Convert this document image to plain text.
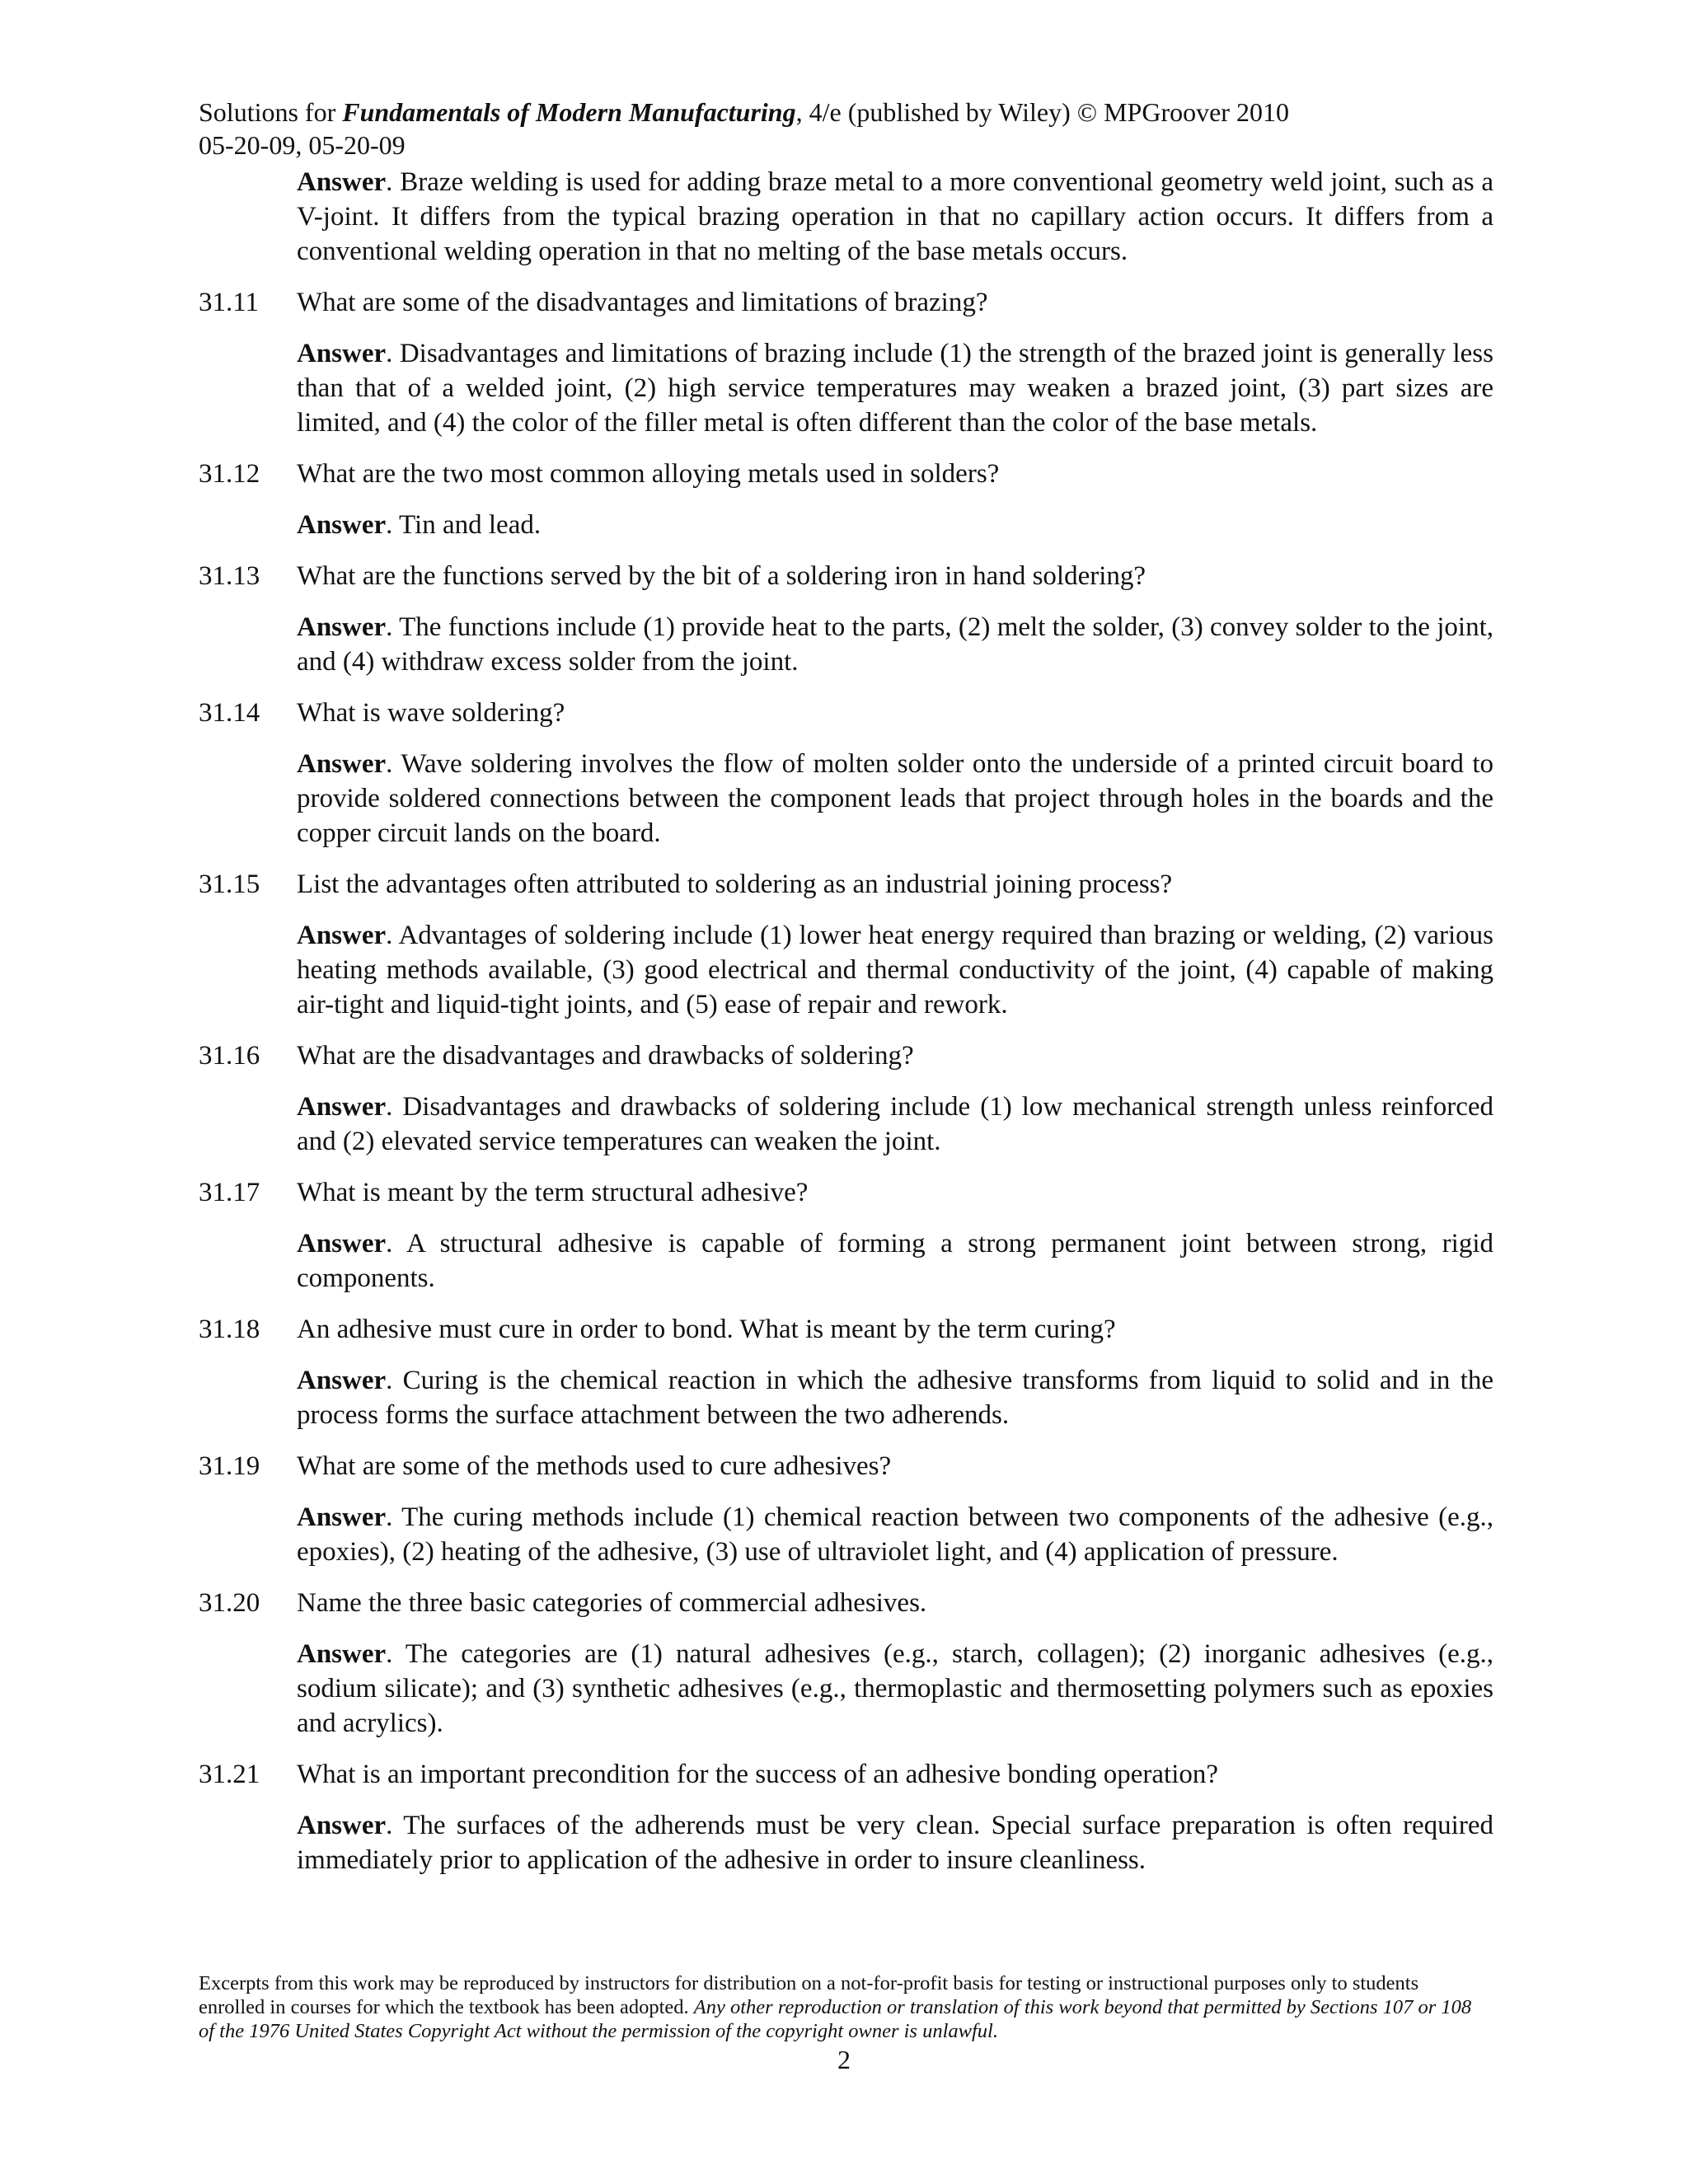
Solutions for Fundamentals of Modern Manufacturing, 4/e (published by Wiley) © MPGroover 2010
05-20-09, 05-20-09
Answer. Braze welding is used for adding braze metal to a more conventional geometry weld joint, such as a V-joint. It differs from the typical brazing operation in that no capillary action occurs. It differs from a conventional welding operation in that no melting of the base metals occurs.
31.11	What are some of the disadvantages and limitations of brazing?
Answer. Disadvantages and limitations of brazing include (1) the strength of the brazed joint is generally less than that of a welded joint, (2) high service temperatures may weaken a brazed joint, (3) part sizes are limited, and (4) the color of the filler metal is often different than the color of the base metals.
31.12	What are the two most common alloying metals used in solders?
Answer. Tin and lead.
31.13	What are the functions served by the bit of a soldering iron in hand soldering?
Answer. The functions include (1) provide heat to the parts, (2) melt the solder, (3) convey solder to the joint, and (4) withdraw excess solder from the joint.
31.14	What is wave soldering?
Answer. Wave soldering involves the flow of molten solder onto the underside of a printed circuit board to provide soldered connections between the component leads that project through holes in the boards and the copper circuit lands on the board.
31.15	List the advantages often attributed to soldering as an industrial joining process?
Answer. Advantages of soldering include (1) lower heat energy required than brazing or welding, (2) various heating methods available, (3) good electrical and thermal conductivity of the joint, (4) capable of making air-tight and liquid-tight joints, and (5) ease of repair and rework.
31.16	What are the disadvantages and drawbacks of soldering?
Answer. Disadvantages and drawbacks of soldering include (1) low mechanical strength unless reinforced and (2) elevated service temperatures can weaken the joint.
31.17	What is meant by the term structural adhesive?
Answer. A structural adhesive is capable of forming a strong permanent joint between strong, rigid components.
31.18	An adhesive must cure in order to bond. What is meant by the term curing?
Answer. Curing is the chemical reaction in which the adhesive transforms from liquid to solid and in the process forms the surface attachment between the two adherends.
31.19	What are some of the methods used to cure adhesives?
Answer. The curing methods include (1) chemical reaction between two components of the adhesive (e.g., epoxies), (2) heating of the adhesive, (3) use of ultraviolet light, and (4) application of pressure.
31.20	Name the three basic categories of commercial adhesives.
Answer. The categories are (1) natural adhesives (e.g., starch, collagen); (2) inorganic adhesives (e.g., sodium silicate); and (3) synthetic adhesives (e.g., thermoplastic and thermosetting polymers such as epoxies and acrylics).
31.21	What is an important precondition for the success of an adhesive bonding operation?
Answer. The surfaces of the adherends must be very clean. Special surface preparation is often required immediately prior to application of the adhesive in order to insure cleanliness.
Excerpts from this work may be reproduced by instructors for distribution on a not-for-profit basis for testing or instructional purposes only to students enrolled in courses for which the textbook has been adopted. Any other reproduction or translation of this work beyond that permitted by Sections 107 or 108 of the 1976 United States Copyright Act without the permission of the copyright owner is unlawful.
2
